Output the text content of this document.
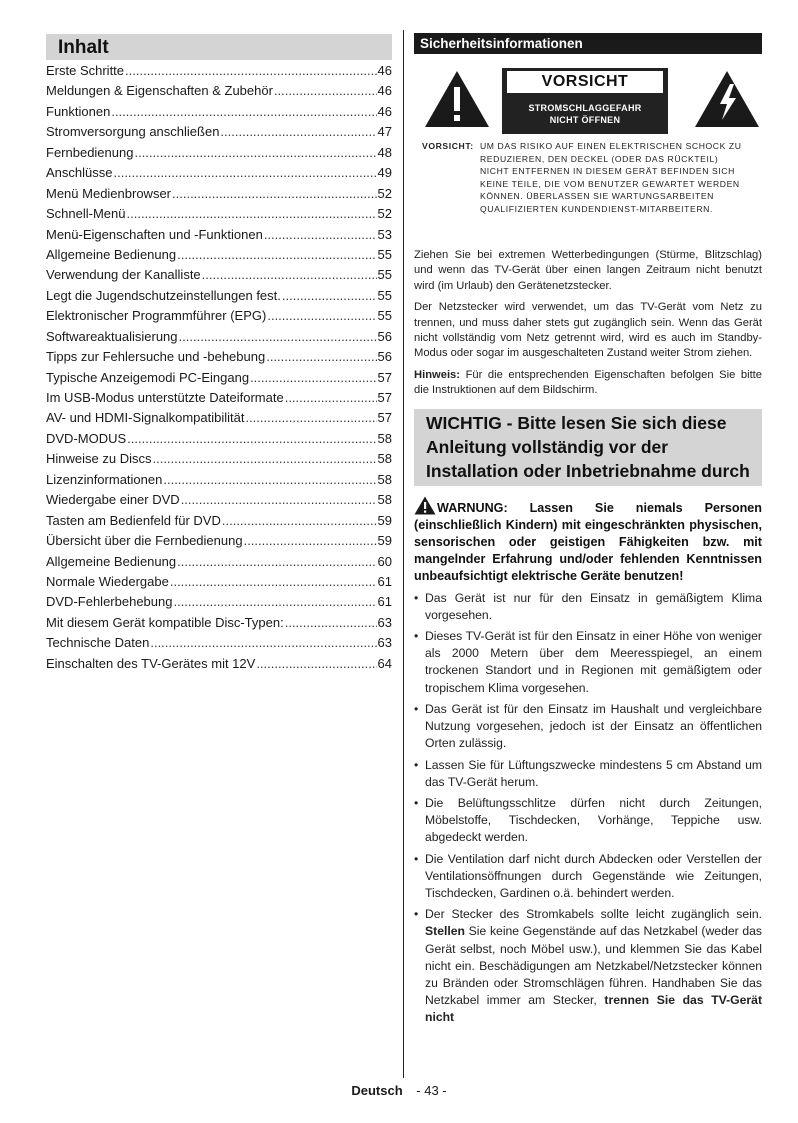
Inhalt
Erste Schritte .....	46
Meldungen & Eigenschaften & Zubehör .....	46
Funktionen .....	46
Stromversorgung anschließen .....	47
Fernbedienung .....	48
Anschlüsse .....	49
Menü Medienbrowser .....	52
Schnell-Menü .....	52
Menü-Eigenschaften und -Funktionen .....	53
Allgemeine Bedienung .....	55
Verwendung der Kanalliste .....	55
Legt die Jugendschutzeinstellungen fest. .....	55
Elektronischer Programmführer (EPG) .....	55
Softwareaktualisierung .....	56
Tipps zur Fehlersuche und -behebung .....	56
Typische Anzeigemodi PC-Eingang .....	57
Im USB-Modus unterstützte Dateiformate .....	57
AV- und HDMI-Signalkompatibilität .....	57
DVD-MODUS .....	58
Hinweise zu Discs .....	58
Lizenzinformationen .....	58
Wiedergabe einer DVD .....	58
Tasten am Bedienfeld für DVD .....	59
Übersicht über die Fernbedienung .....	59
Allgemeine Bedienung .....	60
Normale Wiedergabe .....	61
DVD-Fehlerbehebung .....	61
Mit diesem Gerät kompatible Disc-Typen: .....	63
Technische Daten .....	63
Einschalten des TV-Gerätes mit 12V .....	64
Sicherheitsinformationen
VORSICHT
STROMSCHLAGGEFAHR
NICHT ÖFFNEN
VORSICHT: UM DAS RISIKO AUF EINEN ELEKTRISCHEN SCHOCK ZU REDUZIEREN, DEN DECKEL (ODER DAS RÜCKTEIL) NICHT ENTFERNEN IN DIESEM GERÄT BEFINDEN SICH KEINE TEILE, DIE VOM BENUTZER GEWARTET WERDEN KÖNNEN. ÜBERLASSEN SIE WARTUNGSARBEITEN QUALIFIZIERTEN KUNDENDIENST-MITARBEITERN.

Ziehen Sie bei extremen Wetterbedingungen (Stürme, Blitzschlag) und wenn das TV-Gerät über einen langen Zeitraum nicht benutzt wird (im Urlaub) den Gerätenetzstecker.

Der Netzstecker wird verwendet, um das TV-Gerät vom Netz zu trennen, und muss daher stets gut zugänglich sein. Wenn das Gerät nicht vollständig vom Netz getrennt wird, wird es auch im Standby-Modus oder sogar im ausgeschalteten Zustand weiter Strom ziehen.

Hinweis: Für die entsprechenden Eigenschaften befolgen Sie bitte die Instruktionen auf dem Bildschirm.

WICHTIG - Bitte lesen Sie sich diese Anleitung vollständig vor der Installation oder Inbetriebnahme durch
WARNUNG: Lassen Sie niemals Personen (einschließlich Kindern) mit eingeschränkten physischen, sensorischen oder geistigen Fähigkeiten bzw. mit mangelnder Erfahrung und/oder fehlenden Kenntnissen unbeaufsichtigt elektrische Geräte benutzen!
• Das Gerät ist nur für den Einsatz in gemäßigtem Klima vorgesehen.
• Dieses TV-Gerät ist für den Einsatz in einer Höhe von weniger als 2000 Metern über dem Meeresspiegel, an einem trockenen Standort und in Regionen mit gemäßigtem oder tropischem Klima vorgesehen.
• Das Gerät ist für den Einsatz im Haushalt und vergleichbare Nutzung vorgesehen, jedoch ist der Einsatz an öffentlichen Orten zulässig.
• Lassen Sie für Lüftungszwecke mindestens 5 cm Abstand um das TV-Gerät herum.
• Die Belüftungsschlitze dürfen nicht durch Zeitungen, Möbelstoffe, Tischdecken, Vorhänge, Teppiche usw. abgedeckt werden.
• Die Ventilation darf nicht durch Abdecken oder Verstellen der Ventilationsöffnungen durch Gegenstände wie Zeitungen, Tischdecken, Gardinen o.ä. behindert werden.
• Der Stecker des Stromkabels sollte leicht zugänglich sein. Stellen Sie keine Gegenstände auf das Netzkabel (weder das Gerät selbst, noch Möbel usw.), und klemmen Sie das Kabel nicht ein. Beschädigungen am Netzkabel/Netzstecker können zu Bränden oder Stromschlägen führen. Handhaben Sie das Netzkabel immer am Stecker, trennen Sie das TV-Gerät nicht
Deutsch - 43 -
